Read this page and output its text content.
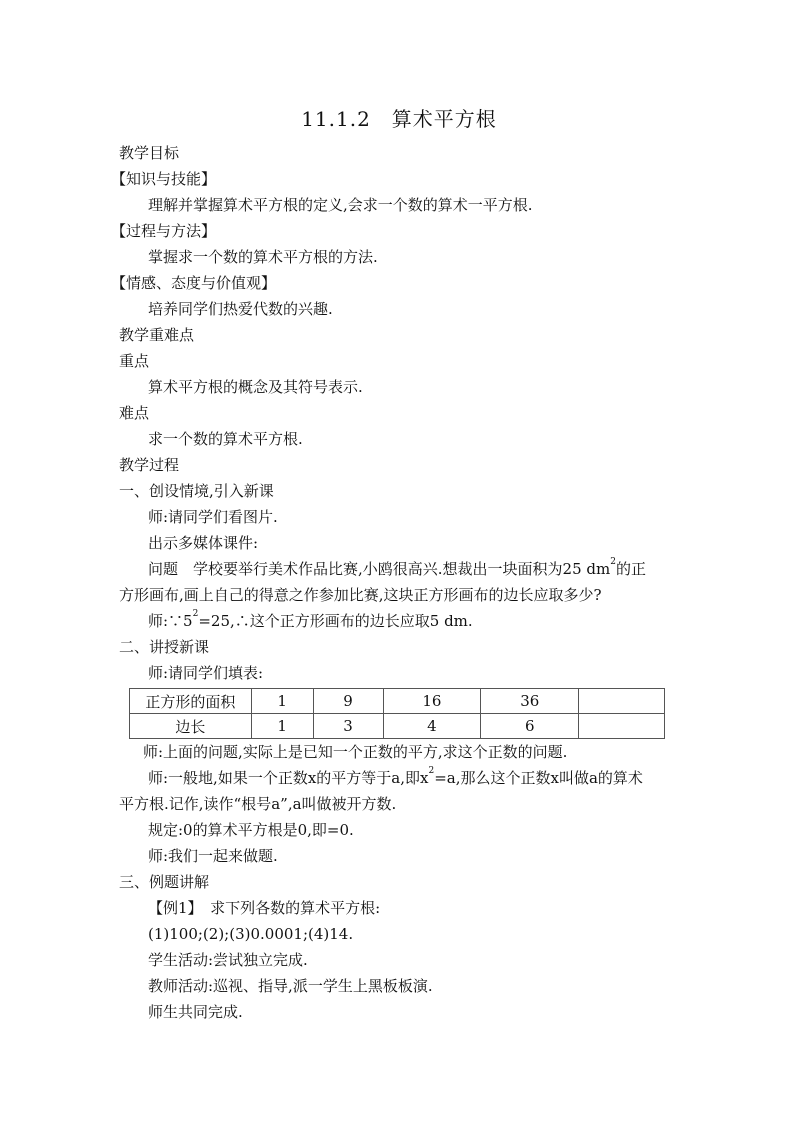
11.1.2　算术平方根
教学目标
【知识与技能】
理解并掌握算术平方根的定义,会求一个数的算术一平方根.
【过程与方法】
掌握求一个数的算术平方根的方法.
【情感、态度与价值观】
培养同学们热爱代数的兴趣.
教学重难点
重点
算术平方根的概念及其符号表示.
难点
求一个数的算术平方根.
教学过程
一、创设情境,引入新课
师:请同学们看图片.
出示多媒体课件:
问题　学校要举行美术作品比赛,小鸥很高兴.想裁出一块面积为25 $dm^2$的正
方形画布,画上自己的得意之作参加比赛,这块正方形画布的边长应取多少?
师$:\because 5^2=25,\therefore$这个正方形画布的边长应取5 dm.
二、讲授新课
师:请同学们填表:
正方形的面积	1	9	16	36	
边长	1	3	4	6	
师:上面的问题,实际上是已知一个正数的平方,求这个正数的问题.
师:一般地,如果一个正数x的平方等于a,即$x^2=a$,那么这个正数x叫做a的算术
平方根.记作,读作“根号a”,a叫做被开方数.
规定:0的算术平方根是0,即=0.
师:我们一起来做题.
三、例题讲解
【例1】　 求下列各数的算术平方根:
(1)100;(2);(3)0.0001;(4)14.
学生活动:尝试独立完成.
教师活动:巡视、指导,派一学生上黑板板演.
师生共同完成.
